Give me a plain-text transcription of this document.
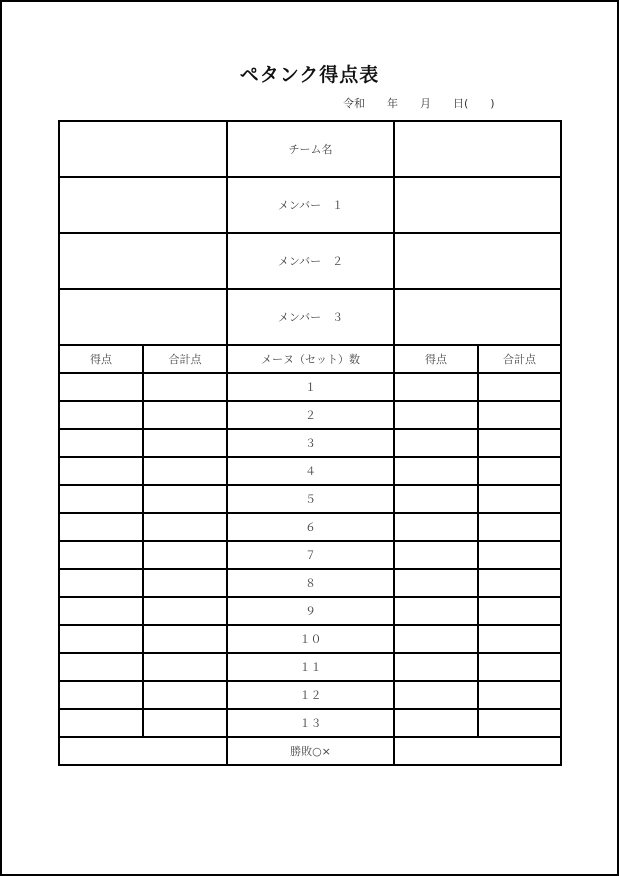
ペタンク得点表
令和　　 年　　 月　　 日(　　 )
		チーム名		
		メンバー　１		
		メンバー　２		
		メンバー　３		
得点	合計点	メーヌ（セット）数	得点	合計点
		１		
		２		
		３		
		４		
		５		
		６		
		７		
		８		
		９		
		１０		
		１１		
		１２		
		１３		
		勝敗○×		
